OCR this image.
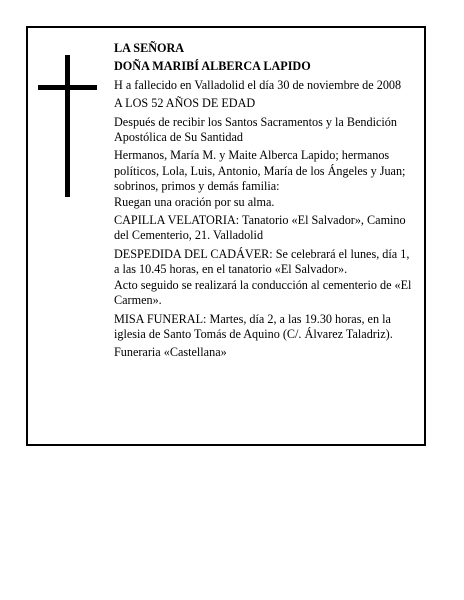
LA SEÑORA

DOÑA MARIBÍ ALBERCA LAPIDO

H a fallecido en Valladolid el día 30 de noviembre de 2008

A LOS 52 AÑOS DE EDAD

Después de recibir los Santos Sacramentos y la Bendición Apostólica de Su Santidad

Hermanos, María M. y Maite Alberca Lapido; hermanos políticos, Lola, Luis, Antonio, María de los Ángeles y Juan; sobrinos, primos y demás familia:

Ruegan una oración por su alma.

CAPILLA VELATORIA: Tanatorio «El Salvador», Camino del Cementerio, 21. Valladolid

DESPEDIDA DEL CADÁVER: Se celebrará el lunes, día 1, a las 10.45 horas, en el tanatorio «El Salvador».

Acto seguido se realizará la conducción al cementerio de «El Carmen».

MISA FUNERAL: Martes, día 2, a las 19.30 horas, en la iglesia de Santo Tomás de Aquino (C/. Álvarez Taladriz).

Funeraria «Castellana»
